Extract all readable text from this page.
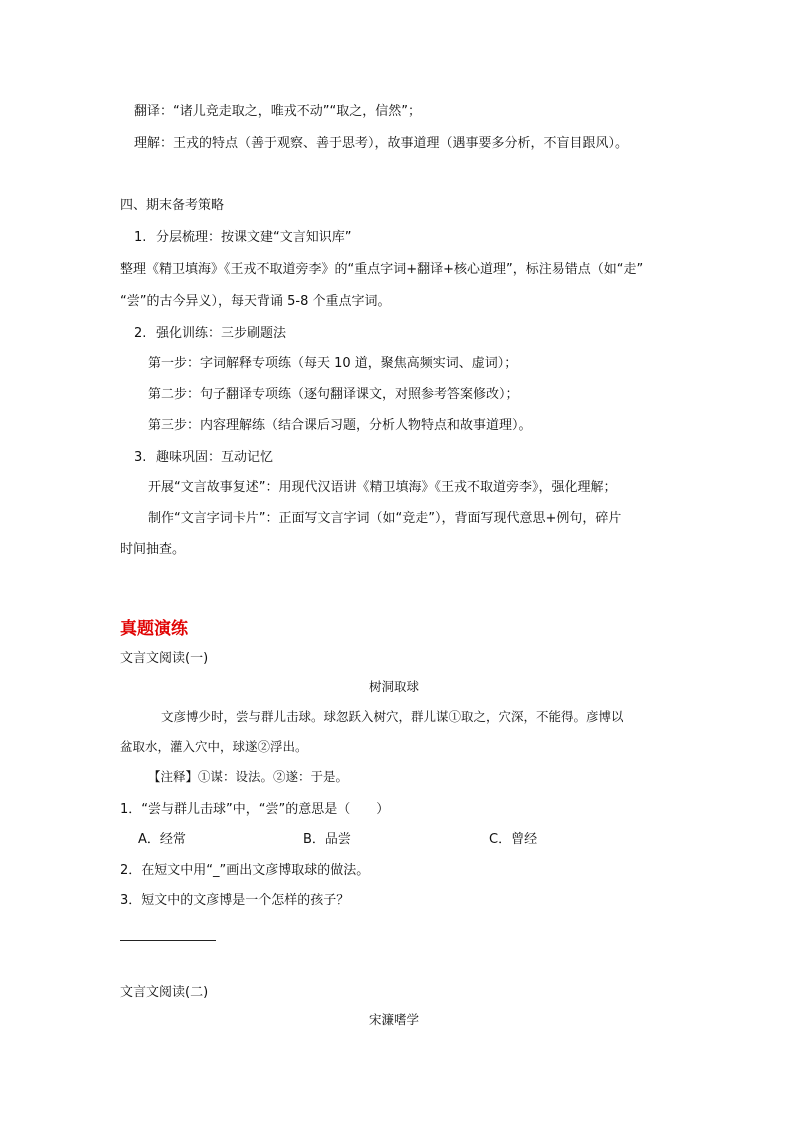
翻译：“诸儿竞走取之，唯戎不动”“取之，信然”；
理解：王戎的特点（善于观察、善于思考），故事道理（遇事要多分析，不盲目跟风）。
四、期末备考策略
1. 分层梳理：按课文建“文言知识库”
整理《精卫填海》《王戎不取道旁李》的“重点字词+翻译+核心道理”，标注易错点（如“走”
“尝”的古今异义），每天背诵 5-8 个重点字词。
2. 强化训练：三步刷题法
第一步：字词解释专项练（每天 10 道，聚焦高频实词、虚词）；
第二步：句子翻译专项练（逐句翻译课文，对照参考答案修改）；
第三步：内容理解练（结合课后习题，分析人物特点和故事道理）。
3. 趣味巩固：互动记忆
开展“文言故事复述”：用现代汉语讲《精卫填海》《王戎不取道旁李》，强化理解；
制作“文言字词卡片”：正面写文言字词（如“竞走”），背面写现代意思+例句，碎片
时间抽查。
真题演练
文言文阅读(一)
树洞取球
文彦博少时，尝与群儿击球。球忽跃入树穴，群儿谋①取之，穴深，不能得。彦博以
盆取水，灌入穴中，球遂②浮出。
【注释】①谋：设法。②遂：于是。
1．“尝与群儿击球”中，“尝”的意思是（　　）
A．经常	B．品尝	C．曾经
2．在短文中用“_”画出文彦博取球的做法。
3．短文中的文彦博是一个怎样的孩子？
文言文阅读(二)
宋濂嗜学
